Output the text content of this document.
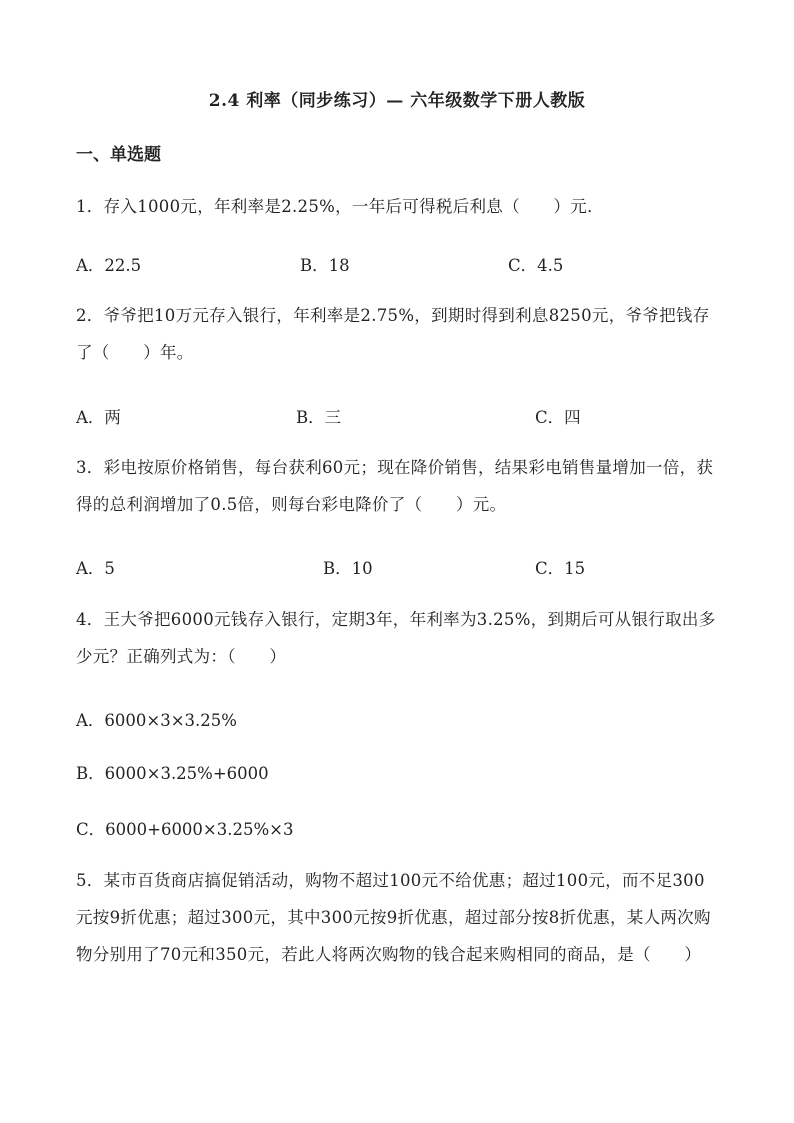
2.4 利率（同步练习）— 六年级数学下册人教版
一、单选题
1．存入1000元，年利率是2.25%，一年后可得税后利息（　　）元．
A．22.5	B．18	C．4.5
2．爷爷把10万元存入银行，年利率是2.75%，到期时得到利息8250元，爷爷把钱存了（　　）年。
A．两	B．三	C．四
3．彩电按原价格销售，每台获利60元；现在降价销售，结果彩电销售量增加一倍，获得的总利润增加了0.5倍，则每台彩电降价了（　　）元。
A．5	B．10	C．15
4．王大爷把6000元钱存入银行，定期3年，年利率为3.25%，到期后可从银行取出多少元？正确列式为：（　　）
A．6000×3×3.25%
B．6000×3.25%+6000
C．6000+6000×3.25%×3
5．某市百货商店搞促销活动，购物不超过100元不给优惠；超过100元，而不足300元按9折优惠；超过300元，其中300元按9折优惠，超过部分按8折优惠，某人两次购物分别用了70元和350元，若此人将两次购物的钱合起来购相同的商品，是（　　）
